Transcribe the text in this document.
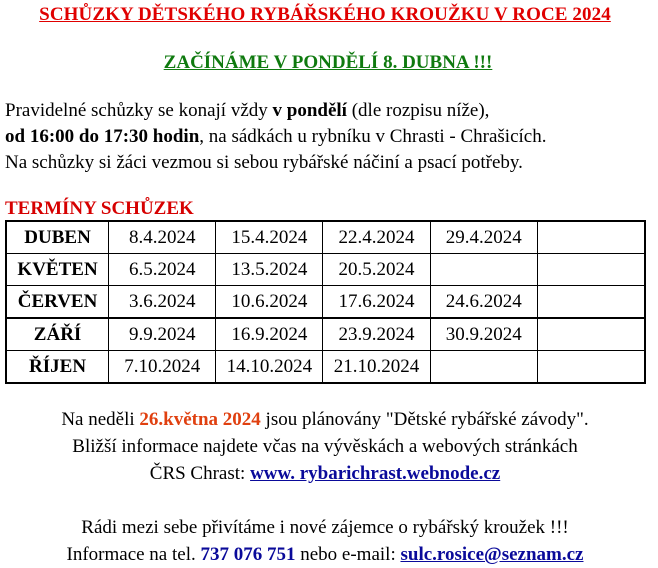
SCHŮZKY DĚTSKÉHO RYBÁŘSKÉHO KROUŽKU V ROCE 2024
ZAČÍNÁME V PONDĚLÍ 8. DUBNA !!!
Pravidelné schůzky se konají vždy v pondělí (dle rozpisu níže),
od 16:00 do 17:30 hodin, na sádkách u rybníku v Chrasti - Chrašicích.
Na schůzky si žáci vezmou si sebou rybářské náčiní a psací potřeby.
TERMÍNY SCHŮZEK
DUBEN	8.4.2024	15.4.2024	22.4.2024	29.4.2024	
KVĚTEN	6.5.2024	13.5.2024	20.5.2024		
ČERVEN	3.6.2024	10.6.2024	17.6.2024	24.6.2024	
ZÁŘÍ	9.9.2024	16.9.2024	23.9.2024	30.9.2024	
ŘÍJEN	7.10.2024	14.10.2024	21.10.2024		
Na neděli 26.května 2024 jsou plánovány "Dětské rybářské závody".
Bližší informace najdete včas na vývěskách a webových stránkách
ČRS Chrast: www. rybarichrast.webnode.cz
Rádi mezi sebe přivítáme i nové zájemce o rybářský kroužek !!!
Informace na tel. 737 076 751 nebo e-mail: sulc.rosice@seznam.cz
